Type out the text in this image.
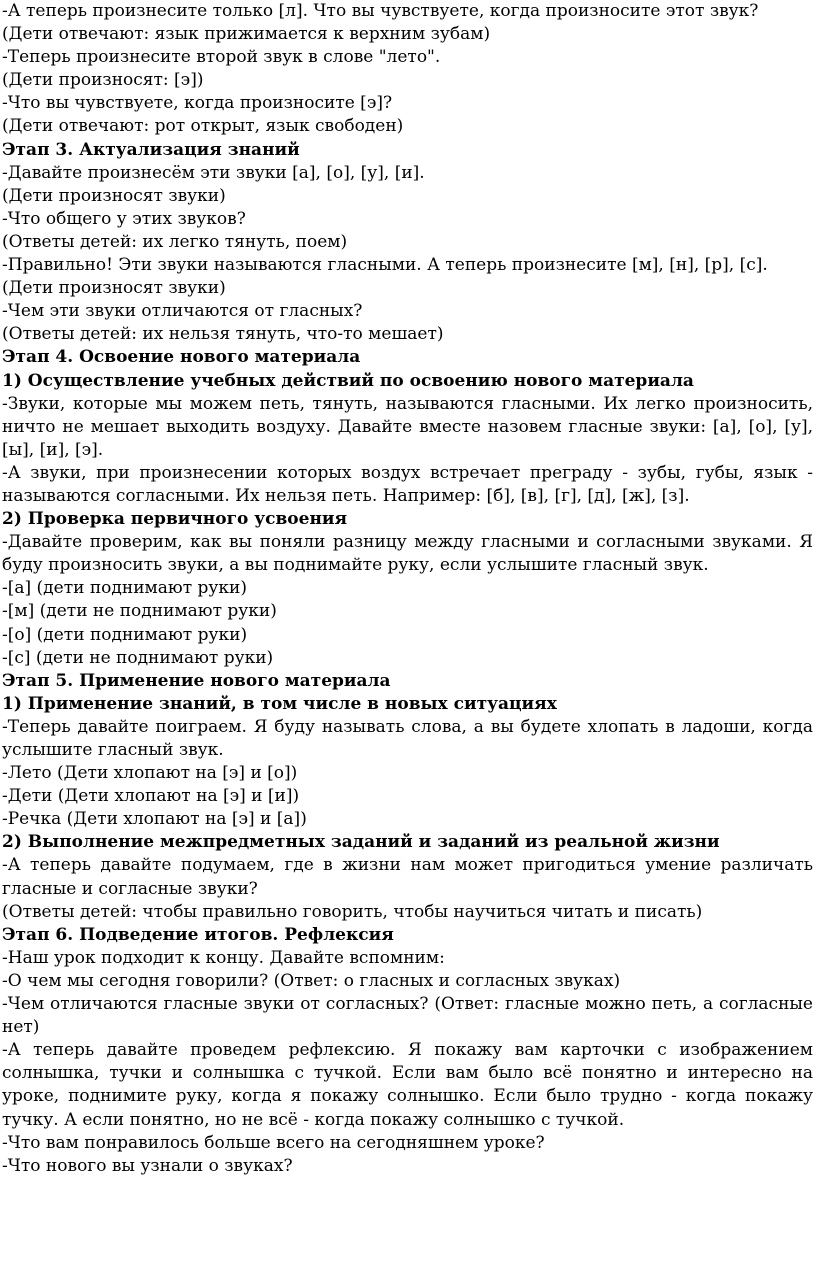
-А теперь произнесите только [л]. Что вы чувствуете, когда произносите этот звук?

(Дети отвечают: язык прижимается к верхним зубам)

-Теперь произнесите второй звук в слове "лето".

(Дети произносят: [э])

-Что вы чувствуете, когда произносите [э]?

(Дети отвечают: рот открыт, язык свободен)

Этап 3. Актуализация знаний

-Давайте произнесём эти звуки [а], [о], [у], [и].

(Дети произносят звуки)

-Что общего у этих звуков?

(Ответы детей: их легко тянуть, поем)

-Правильно! Эти звуки называются гласными. А теперь произнесите [м], [н], [р], [с].

(Дети произносят звуки)

-Чем эти звуки отличаются от гласных?

(Ответы детей: их нельзя тянуть, что-то мешает)

Этап 4. Освоение нового материала

1) Осуществление учебных действий по освоению нового материала

-Звуки, которые мы можем петь, тянуть, называются гласными. Их легко произносить, ничто не мешает выходить воздуху. Давайте вместе назовем гласные звуки: [а], [о], [у], [ы], [и], [э].

-А звуки, при произнесении которых воздух встречает преграду - зубы, губы, язык - называются согласными. Их нельзя петь. Например: [б], [в], [г], [д], [ж], [з].

2) Проверка первичного усвоения

-Давайте проверим, как вы поняли разницу между гласными и согласными звуками. Я буду произносить звуки, а вы поднимайте руку, если услышите гласный звук.

-[а] (дети поднимают руки)

-[м] (дети не поднимают руки)

-[о] (дети поднимают руки)

-[с] (дети не поднимают руки)

Этап 5. Применение нового материала

1) Применение знаний, в том числе в новых ситуациях

-Теперь давайте поиграем. Я буду называть слова, а вы будете хлопать в ладоши, когда услышите гласный звук.

-Лето (Дети хлопают на [э] и [о])

-Дети (Дети хлопают на [э] и [и])

-Речка (Дети хлопают на [э] и [а])

2) Выполнение межпредметных заданий и заданий из реальной жизни

-А теперь давайте подумаем, где в жизни нам может пригодиться умение различать гласные и согласные звуки?

(Ответы детей: чтобы правильно говорить, чтобы научиться читать и писать)

Этап 6. Подведение итогов. Рефлексия

-Наш урок подходит к концу. Давайте вспомним:

-О чем мы сегодня говорили? (Ответ: о гласных и согласных звуках)

-Чем отличаются гласные звуки от согласных? (Ответ: гласные можно петь, а согласные нет)

-А теперь давайте проведем рефлексию. Я покажу вам карточки с изображением солнышка, тучки и солнышка с тучкой. Если вам было всё понятно и интересно на уроке, поднимите руку, когда я покажу солнышко. Если было трудно - когда покажу тучку. А если понятно, но не всё - когда покажу солнышко с тучкой.

-Что вам понравилось больше всего на сегодняшнем уроке?

-Что нового вы узнали о звуках?
